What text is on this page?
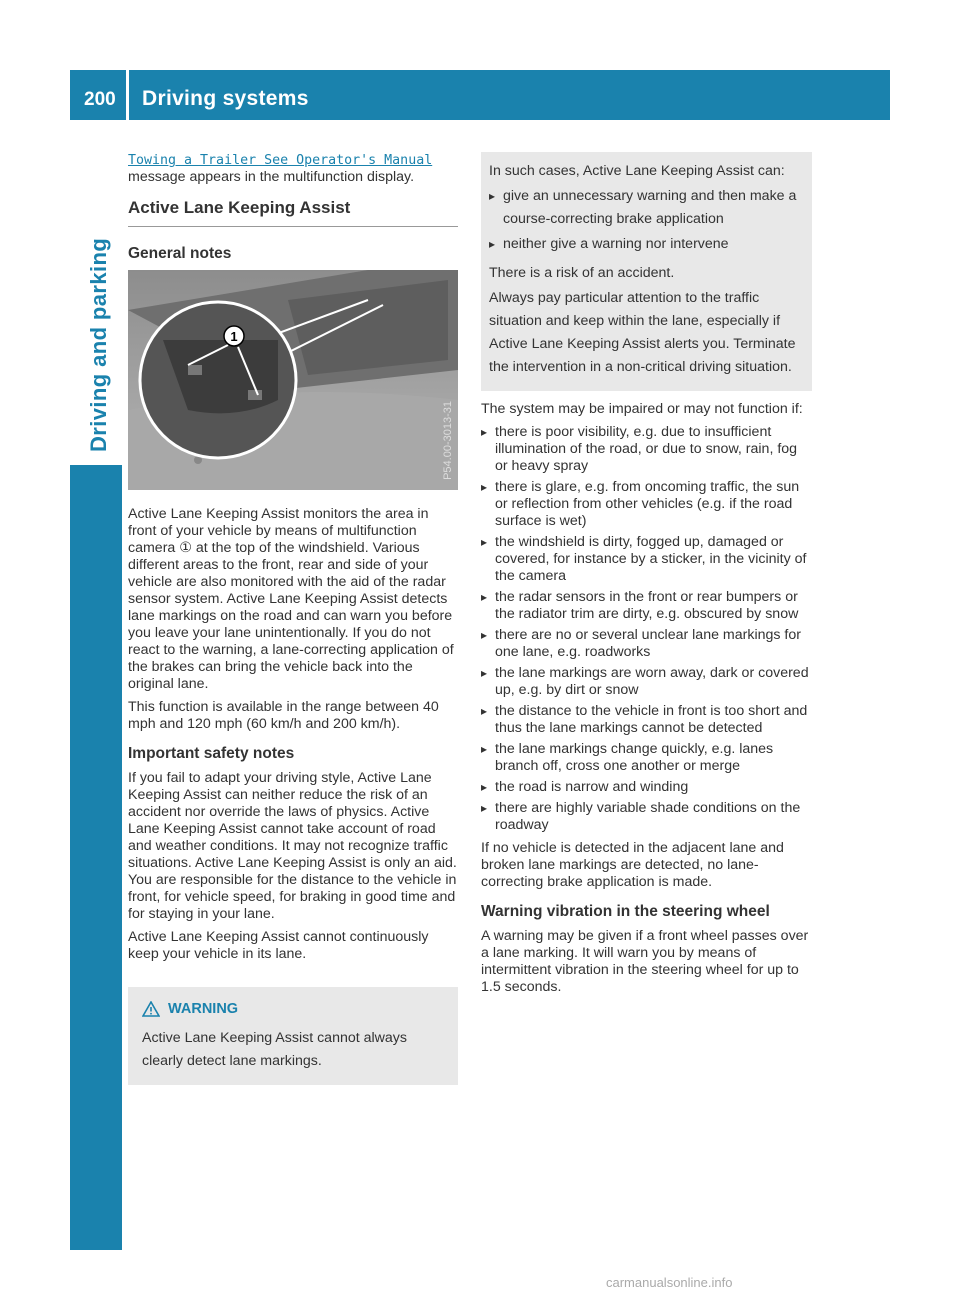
200 Driving systems
Driving and parking

Towing a Trailer See Operator's Manual
message appears in the multifunction display.

Active Lane Keeping Assist
General notes
1
P54.00-3013-31

Active Lane Keeping Assist monitors the area in front of your vehicle by means of multifunction camera ① at the top of the windshield. Various different areas to the front, rear and side of your vehicle are also monitored with the aid of the radar sensor system. Active Lane Keeping Assist detects lane markings on the road and can warn you before you leave your lane unintentionally. If you do not react to the warning, a lane-correcting application of the brakes can bring the vehicle back into the original lane.

This function is available in the range between 40 mph and 120 mph (60 km/h and 200 km/h).

Important safety notes

If you fail to adapt your driving style, Active Lane Keeping Assist can neither reduce the risk of an accident nor override the laws of physics. Active Lane Keeping Assist cannot take account of road and weather conditions. It may not recognize traffic situations. Active Lane Keeping Assist is only an aid. You are responsible for the distance to the vehicle in front, for vehicle speed, for braking in good time and for staying in your lane.

Active Lane Keeping Assist cannot continuously keep your vehicle in its lane.

WARNING

Active Lane Keeping Assist cannot always clearly detect lane markings.

In such cases, Active Lane Keeping Assist can:

▸ give an unnecessary warning and then make a course-correcting brake application
▸ neither give a warning nor intervene

There is a risk of an accident.

Always pay particular attention to the traffic situation and keep within the lane, especially if Active Lane Keeping Assist alerts you. Terminate the intervention in a non-critical driving situation.

The system may be impaired or may not function if:

▸ there is poor visibility, e.g. due to insufficient illumination of the road, or due to snow, rain, fog or heavy spray
▸ there is glare, e.g. from oncoming traffic, the sun or reflection from other vehicles (e.g. if the road surface is wet)
▸ the windshield is dirty, fogged up, damaged or covered, for instance by a sticker, in the vicinity of the camera
▸ the radar sensors in the front or rear bumpers or the radiator trim are dirty, e.g. obscured by snow
▸ there are no or several unclear lane markings for one lane, e.g. roadworks
▸ the lane markings are worn away, dark or covered up, e.g. by dirt or snow
▸ the distance to the vehicle in front is too short and thus the lane markings cannot be detected
▸ the lane markings change quickly, e.g. lanes branch off, cross one another or merge
▸ the road is narrow and winding
▸ there are highly variable shade conditions on the roadway

If no vehicle is detected in the adjacent lane and broken lane markings are detected, no lane-correcting brake application is made.

Warning vibration in the steering wheel

A warning may be given if a front wheel passes over a lane marking. It will warn you by means of intermittent vibration in the steering wheel for up to 1.5 seconds.

carmanualsonline.info
